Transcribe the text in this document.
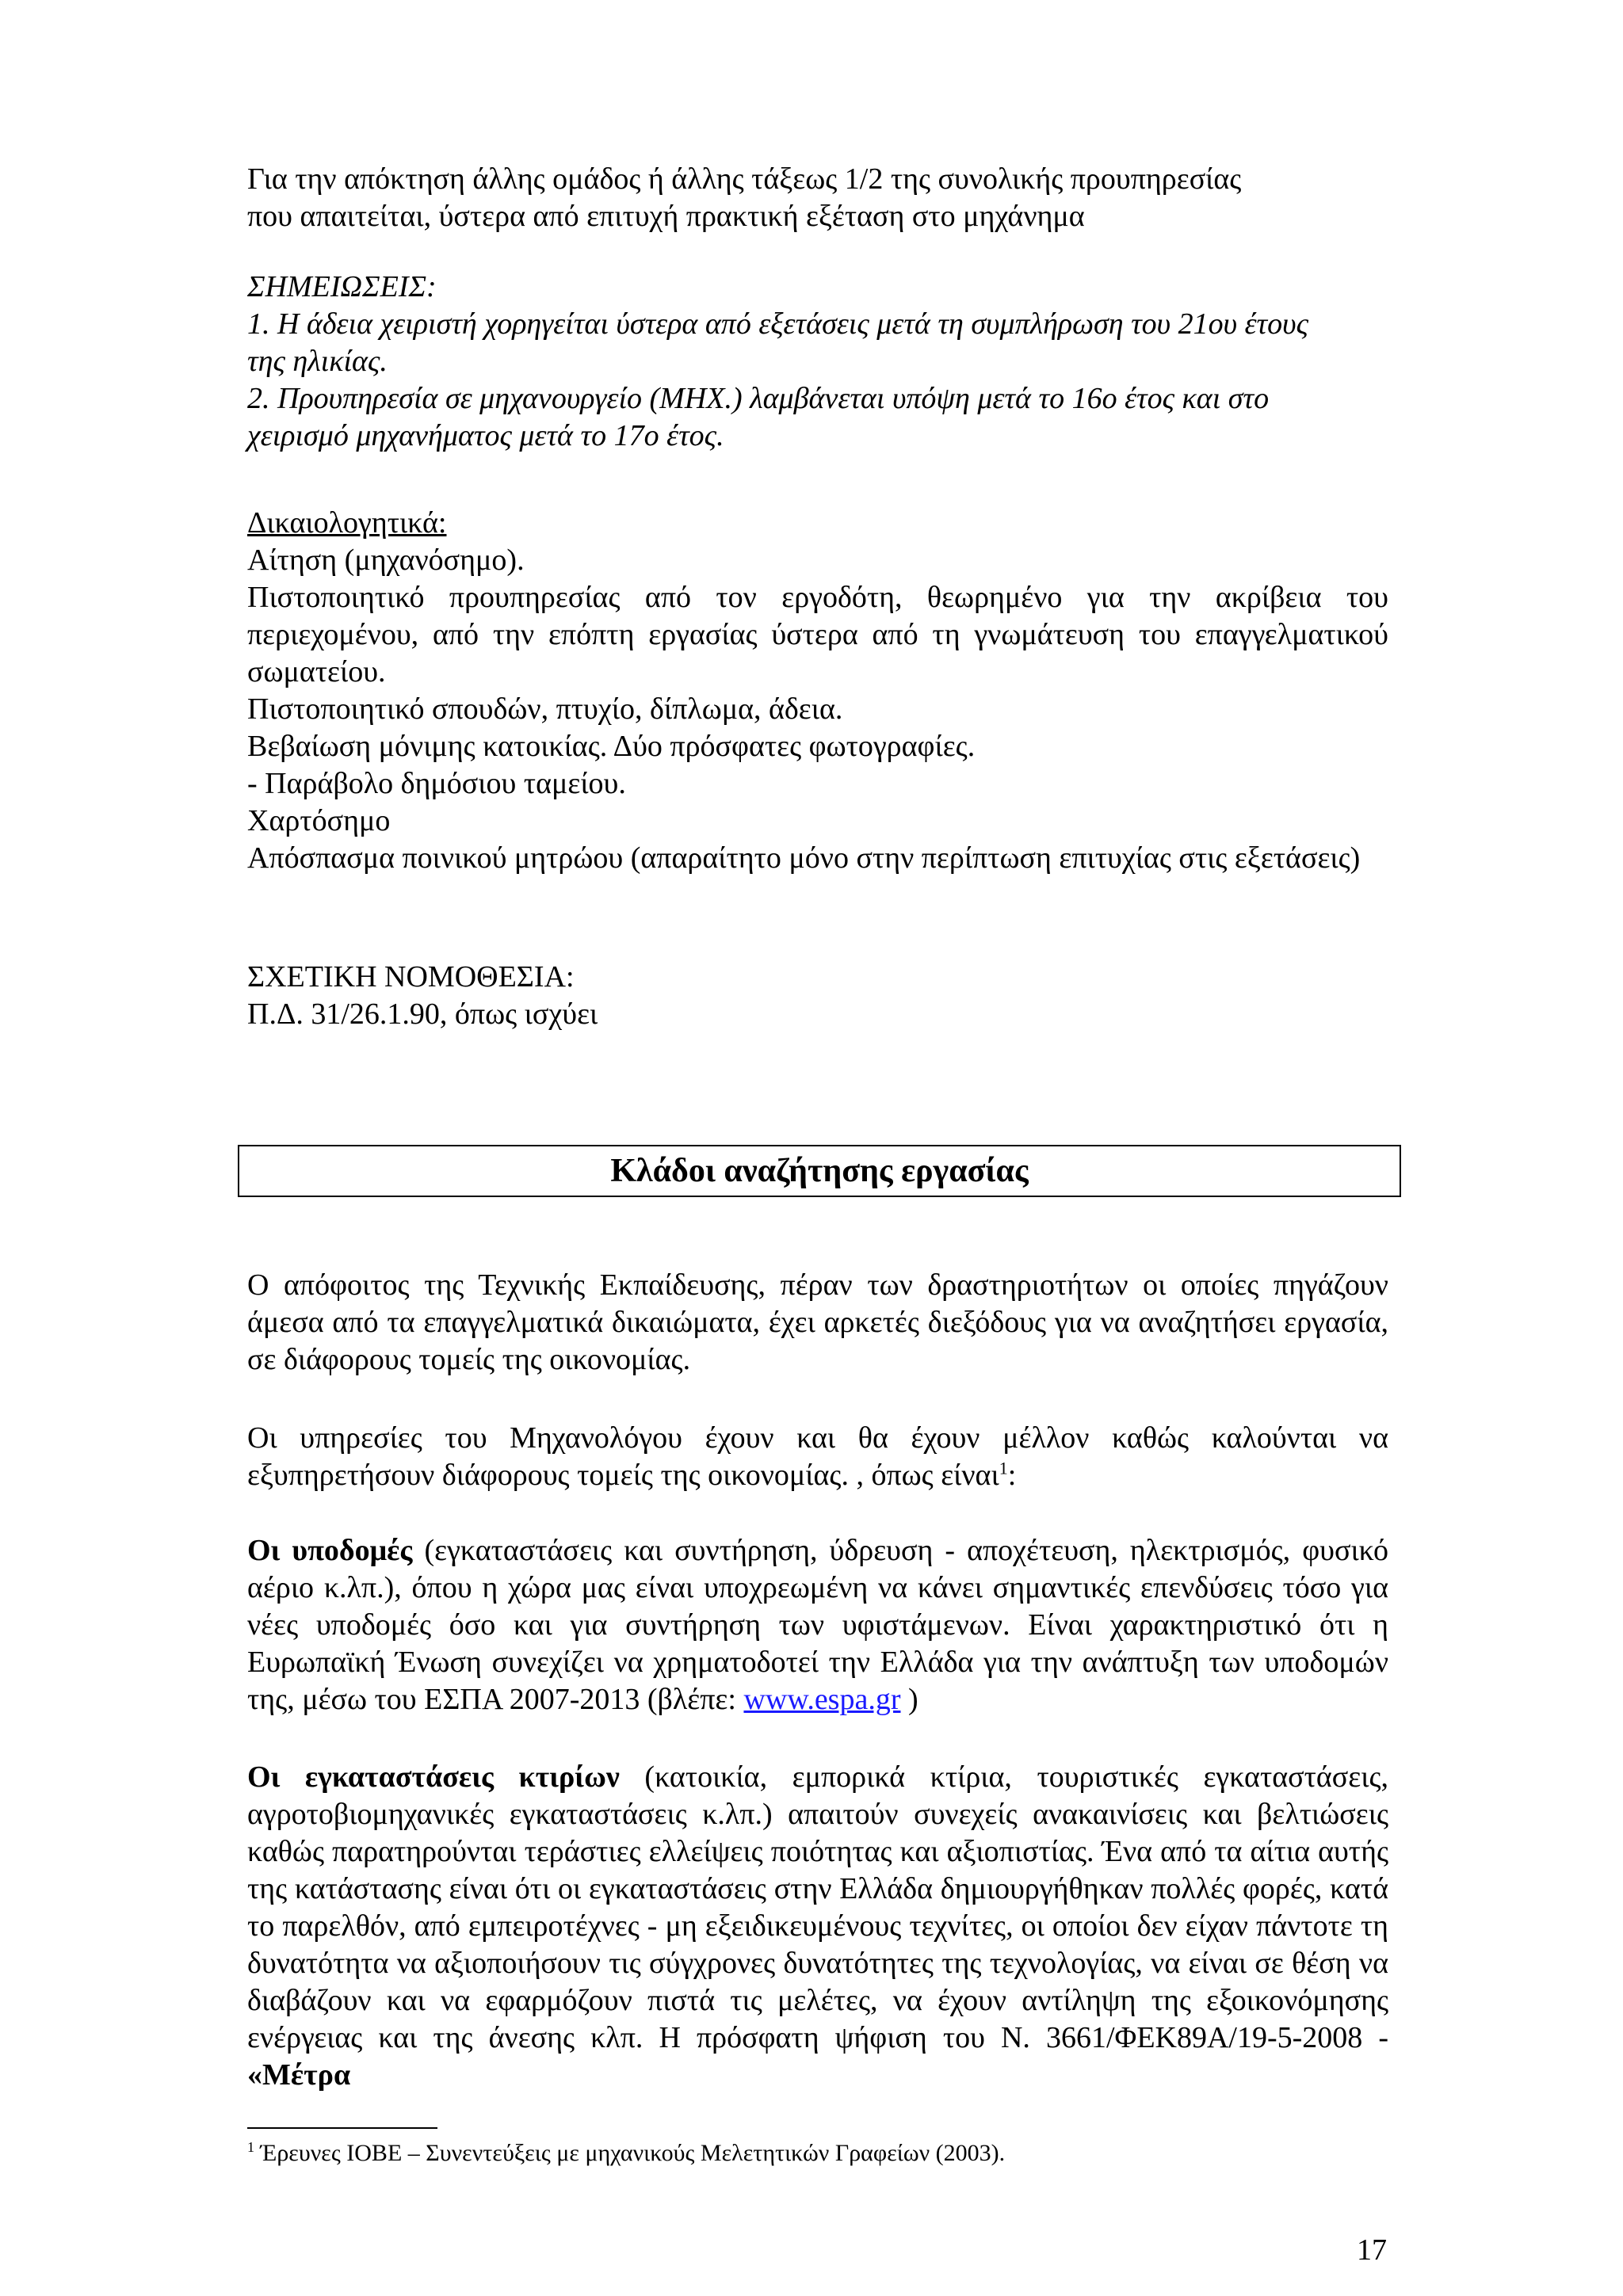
Για την απόκτηση άλλης ομάδος ή άλλης τάξεως 1/2 της συνολικής προυπηρεσίας

που απαιτείται, ύστερα από επιτυχή πρακτική εξέταση στο μηχάνημα

ΣΗΜΕΙΩΣΕΙΣ:

1. Η άδεια χειριστή χορηγείται ύστερα από εξετάσεις μετά τη συμπλήρωση του 21ου έτους της ηλικίας.

2. Προυπηρεσία σε μηχανουργείο (ΜΗΧ.) λαμβάνεται υπόψη μετά το 16ο έτος και στο χειρισμό μηχανήματος μετά το 17ο έτος.

Δικαιολογητικά:

Αίτηση (μηχανόσημο).

Πιστοποιητικό προυπηρεσίας από τον εργοδότη, θεωρημένο για την ακρίβεια του περιεχομένου, από την επόπτη εργασίας ύστερα από τη γνωμάτευση του επαγγελματικού σωματείου.

Πιστοποιητικό σπουδών, πτυχίο, δίπλωμα, άδεια.

Βεβαίωση μόνιμης κατοικίας. Δύο πρόσφατες φωτογραφίες.

- Παράβολο δημόσιου ταμείου.

Χαρτόσημο

Απόσπασμα ποινικού μητρώου (απαραίτητο μόνο στην περίπτωση επιτυχίας στις εξετάσεις)

ΣΧΕΤΙΚΗ ΝΟΜΟΘΕΣΙΑ:

Π.Δ. 31/26.1.90, όπως ισχύει

Κλάδοι αναζήτησης εργασίας

Ο απόφοιτος της Τεχνικής Εκπαίδευσης, πέραν των δραστηριοτήτων οι οποίες πηγάζουν άμεσα από τα επαγγελματικά δικαιώματα, έχει αρκετές διεξόδους για να αναζητήσει εργασία, σε διάφορους τομείς της οικονομίας.

Οι υπηρεσίες του Μηχανολόγου έχουν και θα έχουν μέλλον καθώς καλούνται να εξυπηρετήσουν διάφορους τομείς της οικονομίας. , όπως είναι$^1$:

Οι υποδομές (εγκαταστάσεις και συντήρηση, ύδρευση - αποχέτευση, ηλεκτρισμός, φυσικό αέριο κ.λπ.), όπου η χώρα μας είναι υποχρεωμένη να κάνει σημαντικές επενδύσεις τόσο για νέες υποδομές όσο και για συντήρηση των υφιστάμενων. Είναι χαρακτηριστικό ότι η Ευρωπαϊκή Ένωση συνεχίζει να χρηματοδοτεί την Ελλάδα για την ανάπτυξη των υποδομών της, μέσω του ΕΣΠΑ 2007-2013 (βλέπε: www.espa.gr )

Οι εγκαταστάσεις κτιρίων (κατοικία, εμπορικά κτίρια, τουριστικές εγκαταστάσεις, αγροτοβιομηχανικές εγκαταστάσεις κ.λπ.) απαιτούν συνεχείς ανακαινίσεις και βελτιώσεις καθώς παρατηρούνται τεράστιες ελλείψεις ποιότητας και αξιοπιστίας. Ένα από τα αίτια αυτής της κατάστασης είναι ότι οι εγκαταστάσεις στην Ελλάδα δημιουργήθηκαν πολλές φορές, κατά το παρελθόν, από εμπειροτέχνες - μη εξειδικευμένους τεχνίτες, οι οποίοι δεν είχαν πάντοτε τη δυνατότητα να αξιοποιήσουν τις σύγχρονες δυνατότητες της τεχνολογίας, να είναι σε θέση να διαβάζουν και να εφαρμόζουν πιστά τις μελέτες, να έχουν αντίληψη της εξοικονόμησης ενέργειας και της άνεσης κλπ. Η πρόσφατη ψήφιση του Ν. 3661/ΦΕΚ89Α/19-5-2008 - «Μέτρα

$^1$ Έρευνες ΙΟΒΕ – Συνεντεύξεις με μηχανικούς Μελετητικών Γραφείων (2003).
17
